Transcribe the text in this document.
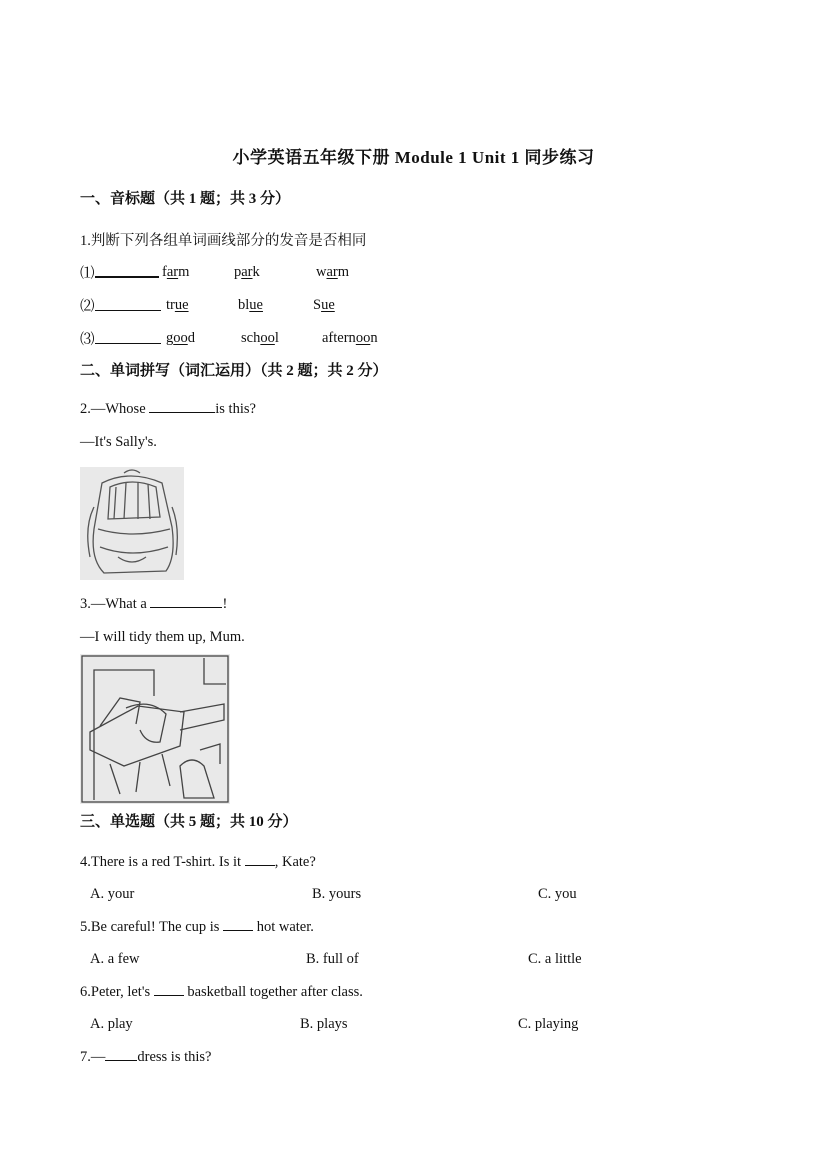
小学英语五年级下册 Module 1 Unit 1 同步练习
一、音标题（共 1 题；共 3 分）
1.判断下列各组单词画线部分的发音是否相同
⑴	farm	park	warm
⑵	true	blue	Sue
⑶	good	school	afternoon
二、单词拼写（词汇运用）（共 2 题；共 2 分）
2.—Whose	is this?
—It's Sally's.
3.—What a	!
—I will tidy them up, Mum.
三、单选题（共 5 题；共 10 分）
4.There is a red T-shirt. Is it , Kate?
A. your	B. yours	C. you
5.Be careful! The cup is  hot water.
A. a few	B. full of	C. a little
6.Peter, let's  basketball together after class.
A. play	B. plays	C. playing
7.— dress is this?
